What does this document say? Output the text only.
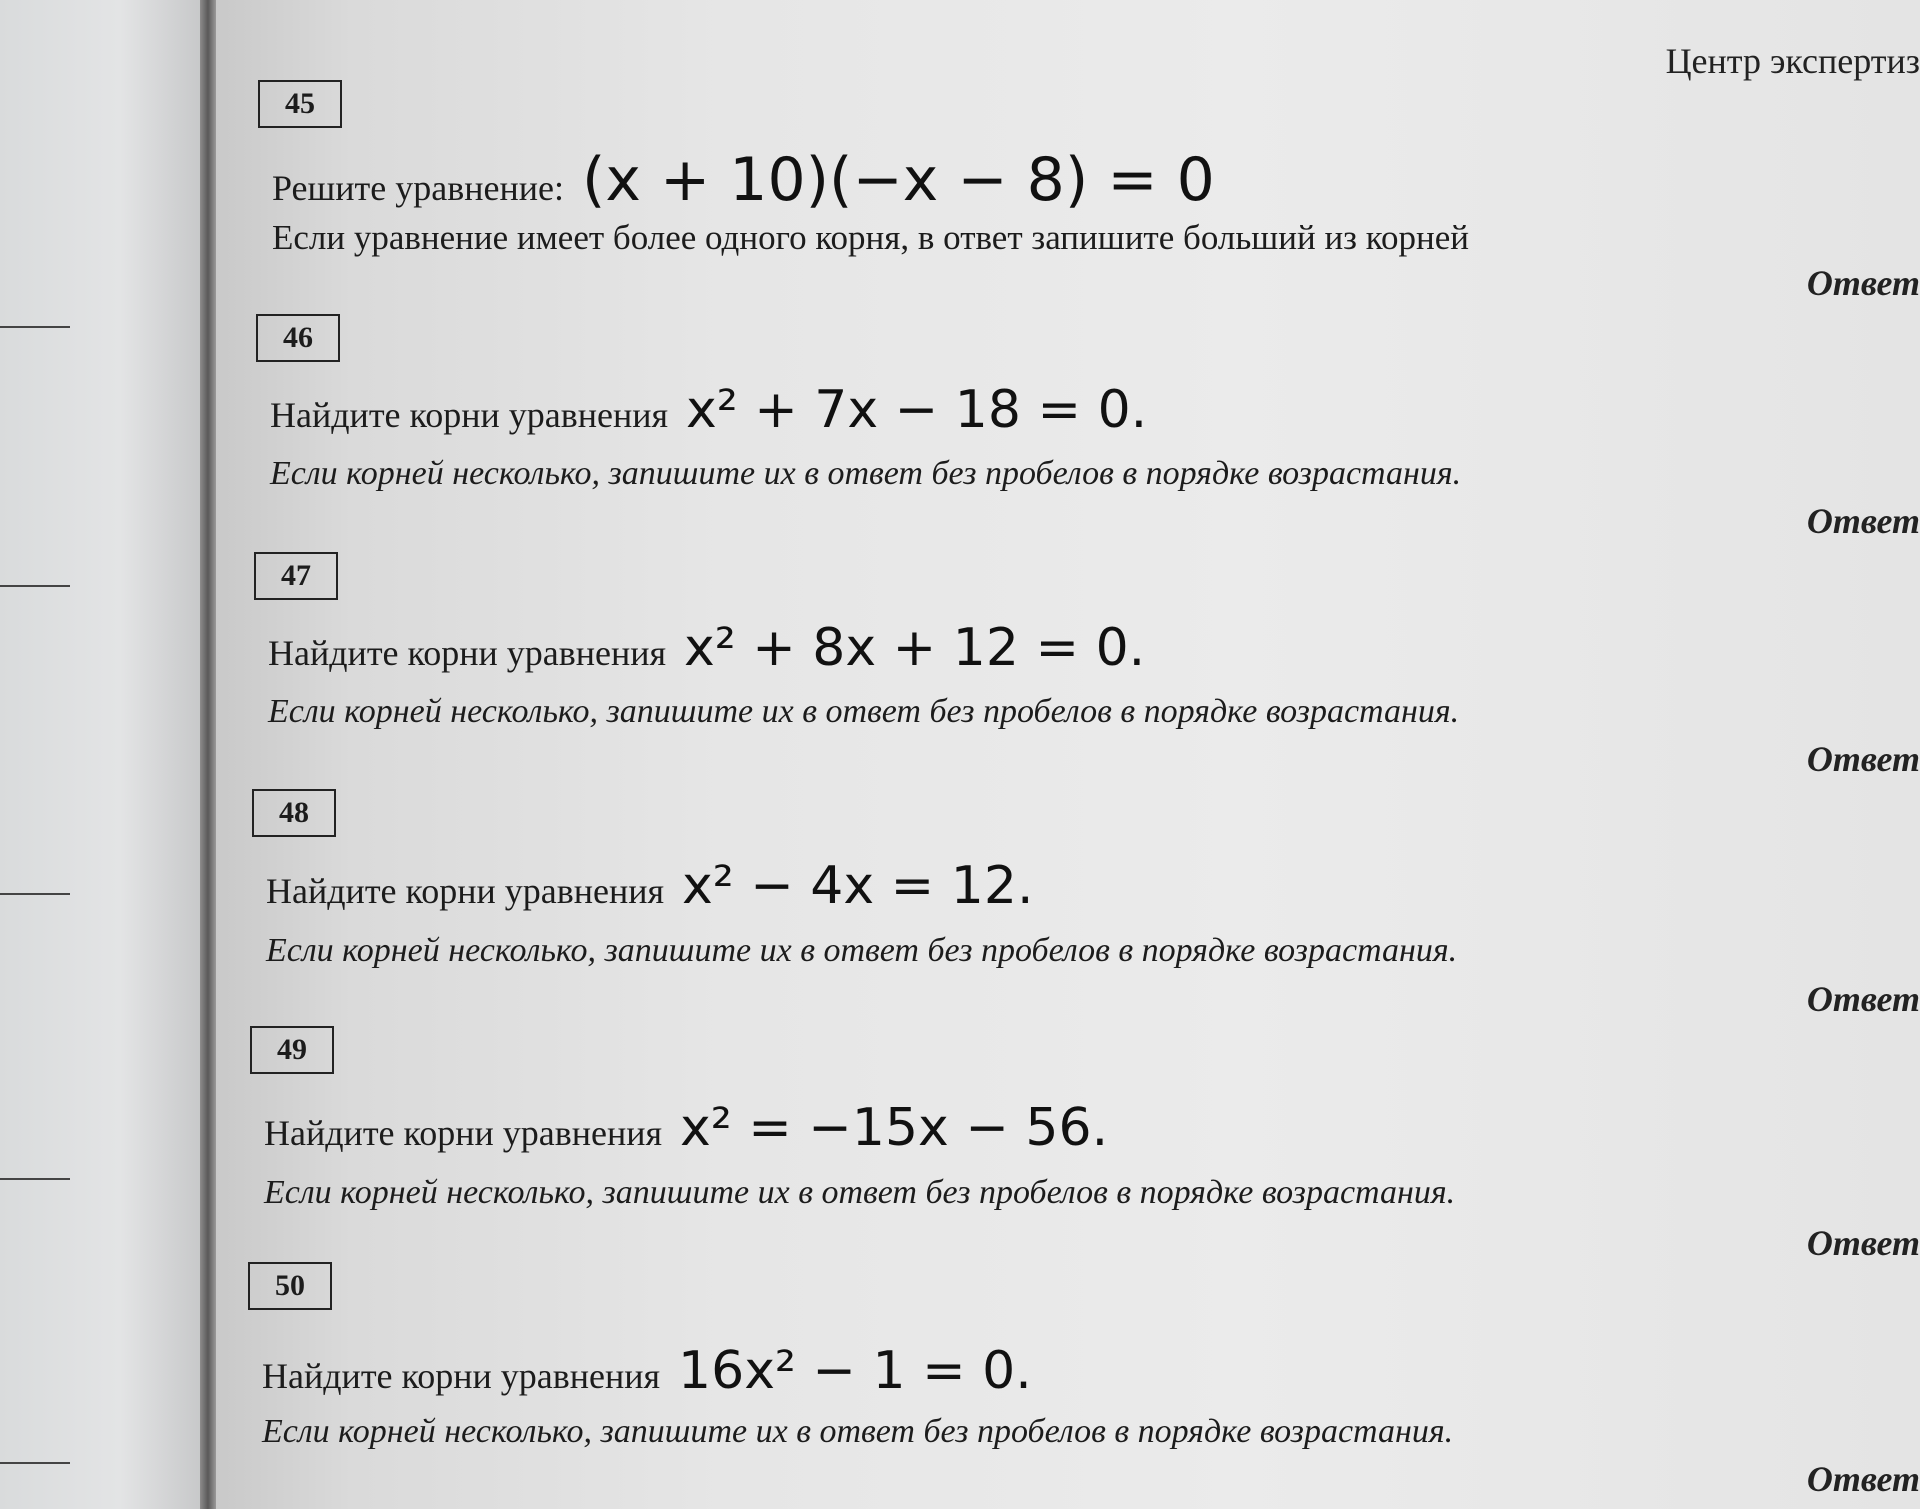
Центр экспертиз
45
Решите уравнение: (x + 10)(−x − 8) = 0
Если уравнение имеет более одного корня, в ответ запишите больший из корней
Ответ
46
Найдите корни уравнения x² + 7x − 18 = 0.
Если корней несколько, запишите их в ответ без пробелов в порядке возрастания.
Ответ
47
Найдите корни уравнения x² + 8x + 12 = 0.
Если корней несколько, запишите их в ответ без пробелов в порядке возрастания.
Ответ
48
Найдите корни уравнения x² − 4x = 12.
Если корней несколько, запишите их в ответ без пробелов в порядке возрастания.
Ответ
49
Найдите корни уравнения x² = −15x − 56.
Если корней несколько, запишите их в ответ без пробелов в порядке возрастания.
Ответ
50
Найдите корни уравнения 16x² − 1 = 0.
Если корней несколько, запишите их в ответ без пробелов в порядке возрастания.
Ответ
